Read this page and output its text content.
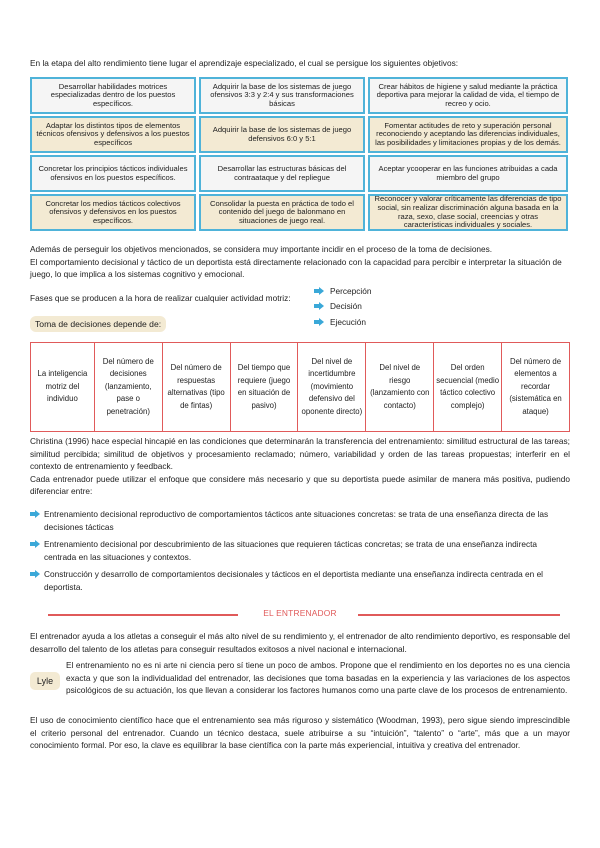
En la etapa del alto rendimiento tiene lugar el aprendizaje especializado, el cual se persigue los siguientes objetivos:

Desarrollar habilidades motrices especializadas dentro de los puestos específicos.
Adquirir la base de los sistemas de juego ofensivos 3:3 y 2:4 y sus transformaciones básicas
Crear hábitos de higiene y salud mediante la práctica deportiva para mejorar la calidad de vida, el tiempo de recreo y ocio.
Adaptar los distintos tipos de elementos técnicos ofensivos y defensivos a los puestos específicos
Adquirir la base de los sistemas de juego defensivos 6:0 y 5:1
Fomentar actitudes de reto y superación personal reconociendo y aceptando las diferencias individuales, las posibilidades y limitaciones propias y de los demás.
Concretar los principios tácticos individuales ofensivos en los puestos específicos.
Desarrollar las estructuras básicas del contraataque y del repliegue
Aceptar ycooperar en las funciones atribuidas a cada miembro del grupo
Concretar los medios tácticos colectivos ofensivos y defensivos en los puestos específicos.
Consolidar la puesta en práctica de todo el contenido del juego de balonmano en situaciones de juego real.
Reconocer y valorar críticamente las diferencias de tipo social, sin realizar discriminación alguna basada en la raza, sexo, clase social, creencias y otras características individuales y sociales.

Además de perseguir los objetivos mencionados, se considera muy importante incidir en el proceso de la toma de decisiones.

El comportamiento decisional y táctico de un deportista está directamente relacionado con la capacidad para percibir e interpretar la situación de juego, lo que implica a los sistemas cognitivo y emocional.

Fases que se producen a la hora de realizar cualquier actividad motriz:

Percepción
Decisión
Ejecución
Toma de decisiones depende de:
La inteligencia motriz del individuo	Del número de decisiones (lanzamiento, pase o penetración)	Del número de respuestas alternativas (tipo de fintas)	Del tiempo que requiere (juego en situación de pasivo)	Del nivel de incertidumbre (movimiento defensivo del oponente directo)	Del nivel de riesgo (lanzamiento con contacto)	Del orden secuencial (medio táctico colectivo complejo)	Del número de elementos a recordar (sistemática en ataque)

Christina (1996) hace especial hincapié en las condiciones que determinarán la transferencia del entrenamiento: similitud estructural de las tareas; similitud percibida; similitud de objetivos y procesamiento reclamado; número, variabilidad y orden de las tareas propuestas; interferir en el contexto de entrenamiento y feedback.

Cada entrenador puede utilizar el enfoque que considere más necesario y que su deportista puede asimilar de manera más positiva, pudiendo diferenciar entre:

Entrenamiento decisional reproductivo de comportamientos tácticos ante situaciones concretas: se trata de una enseñanza directa de las decisiones tácticas

Entrenamiento decisional por descubrimiento de las situaciones que requieren tácticas concretas; se trata de una enseñanza indirecta centrada en las situaciones y contextos.

Construcción y desarrollo de comportamientos decisionales y tácticos en el deportista mediante una enseñanza indirecta centrada en el deportista.

EL ENTRENADOR

El entrenador ayuda a los atletas a conseguir el más alto nivel de su rendimiento y, el entrenador de alto rendimiento deportivo, es responsable del desarrollo del talento de los atletas para conseguir resultados exitosos a nivel nacional e internacional.

Lyle

El entrenamiento no es ni arte ni ciencia pero sí tiene un poco de ambos. Propone que el rendimiento en los deportes no es una ciencia exacta y que son la individualidad del entrenador, las decisiones que toma basadas en la experiencia y las variaciones de los aspectos psicológicos de su actuación, los que llevan a considerar los factores humanos como una parte clave de los procesos de entrenamiento.

El uso de conocimiento científico hace que el entrenamiento sea más riguroso y sistemático (Woodman, 1993), pero sigue siendo imprescindible el criterio personal del entrenador. Cuando un técnico destaca, suele atribuirse a su “intuición”, “talento” o “arte”, más que a un mayor conocimiento formal. Por eso, la clave es equilibrar la base científica con la parte más experiencial, intuitiva y creativa del entrenador.
